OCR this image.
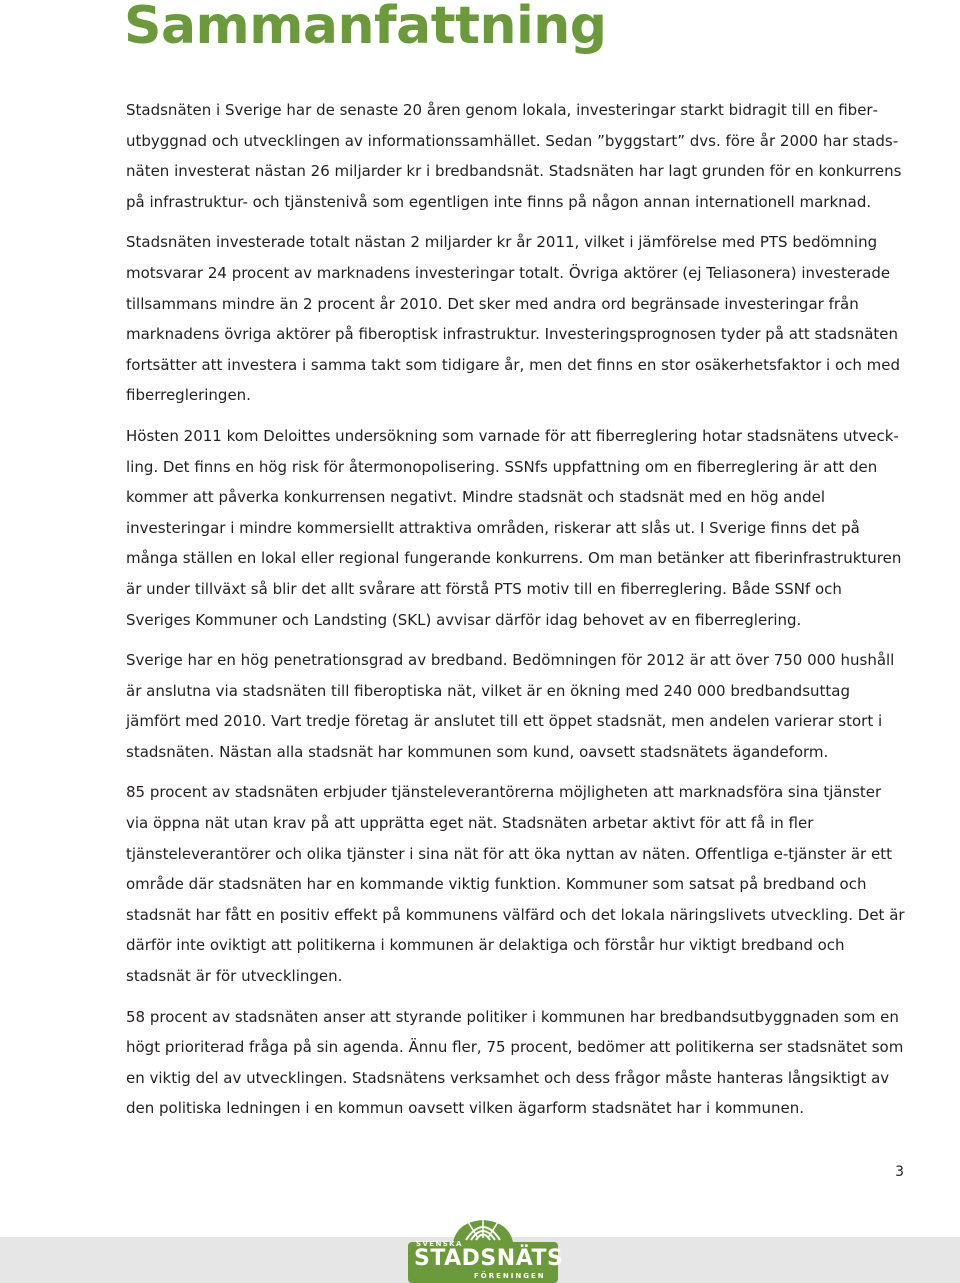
Sammanfattning

Stadsnäten i Sverige har de senaste 20 åren genom lokala, investeringar starkt bidragit till en fiberutbyggnad och utvecklingen av informationssamhället. Sedan ”byggstart” dvs. före år 2000 har stadsnäten investerat nästan 26 miljarder kr i bredbandsnät. Stadsnäten har lagt grunden för en konkurrens på infrastruktur- och tjänstenivå som egentligen inte finns på någon annan internationell marknad.

Stadsnäten investerade totalt nästan 2 miljarder kr år 2011, vilket i jämförelse med PTS bedömning motsvarar 24 procent av marknadens investeringar totalt. Övriga aktörer (ej Teliasonera) investerade tillsammans mindre än 2 procent år 2010. Det sker med andra ord begränsade investeringar från marknadens övriga aktörer på fiberoptisk infrastruktur. Investeringsprognosen tyder på att stadsnäten fortsätter att investera i samma takt som tidigare år, men det finns en stor osäkerhetsfaktor i och med fiberregleringen.

Hösten 2011 kom Deloittes undersökning som varnade för att fiberreglering hotar stadsnätens utveckling. Det finns en hög risk för återmonopolisering. SSNfs uppfattning om en fiberreglering är att den kommer att påverka konkurrensen negativt. Mindre stadsnät och stadsnät med en hög andel investeringar i mindre kommersiellt attraktiva områden, riskerar att slås ut. I Sverige finns det på många ställen en lokal eller regional fungerande konkurrens. Om man betänker att fiberinfrastrukturen är under tillväxt så blir det allt svårare att förstå PTS motiv till en fiberreglering. Både SSNf och Sveriges Kommuner och Landsting (SKL) avvisar därför idag behovet av en fiberreglering.

Sverige har en hög penetrationsgrad av bredband. Bedömningen för 2012 är att över 750 000 hushåll är anslutna via stadsnäten till fiberoptiska nät, vilket är en ökning med 240 000 bredbandsuttag jämfört med 2010. Vart tredje företag är anslutet till ett öppet stadsnät, men andelen varierar stort i stadsnäten. Nästan alla stadsnät har kommunen som kund, oavsett stadsnätets ägandeform.

85 procent av stadsnäten erbjuder tjänsteleverantörerna möjligheten att marknadsföra sina tjänster via öppna nät utan krav på att upprätta eget nät. Stadsnäten arbetar aktivt för att få in fler tjänsteleverantörer och olika tjänster i sina nät för att öka nyttan av näten. Offentliga e-tjänster är ett område där stadsnäten har en kommande viktig funktion. Kommuner som satsat på bredband och stadsnät har fått en positiv effekt på kommunens välfärd och det lokala näringslivets utveckling. Det är därför inte oviktigt att politikerna i kommunen är delaktiga och förstår hur viktigt bredband och stadsnät är för utvecklingen.

58 procent av stadsnäten anser att styrande politiker i kommunen har bredbandsutbyggnaden som en högt prioriterad fråga på sin agenda. Ännu fler, 75 procent, bedömer att politikerna ser stadsnätet som en viktig del av utvecklingen. Stadsnätens verksamhet och dess frågor måste hanteras långsiktigt av den politiska ledningen i en kommun oavsett vilken ägarform stadsnätet har i kommunen.

3
SVENSKA
STADSNÄTS
FÖRENINGEN
